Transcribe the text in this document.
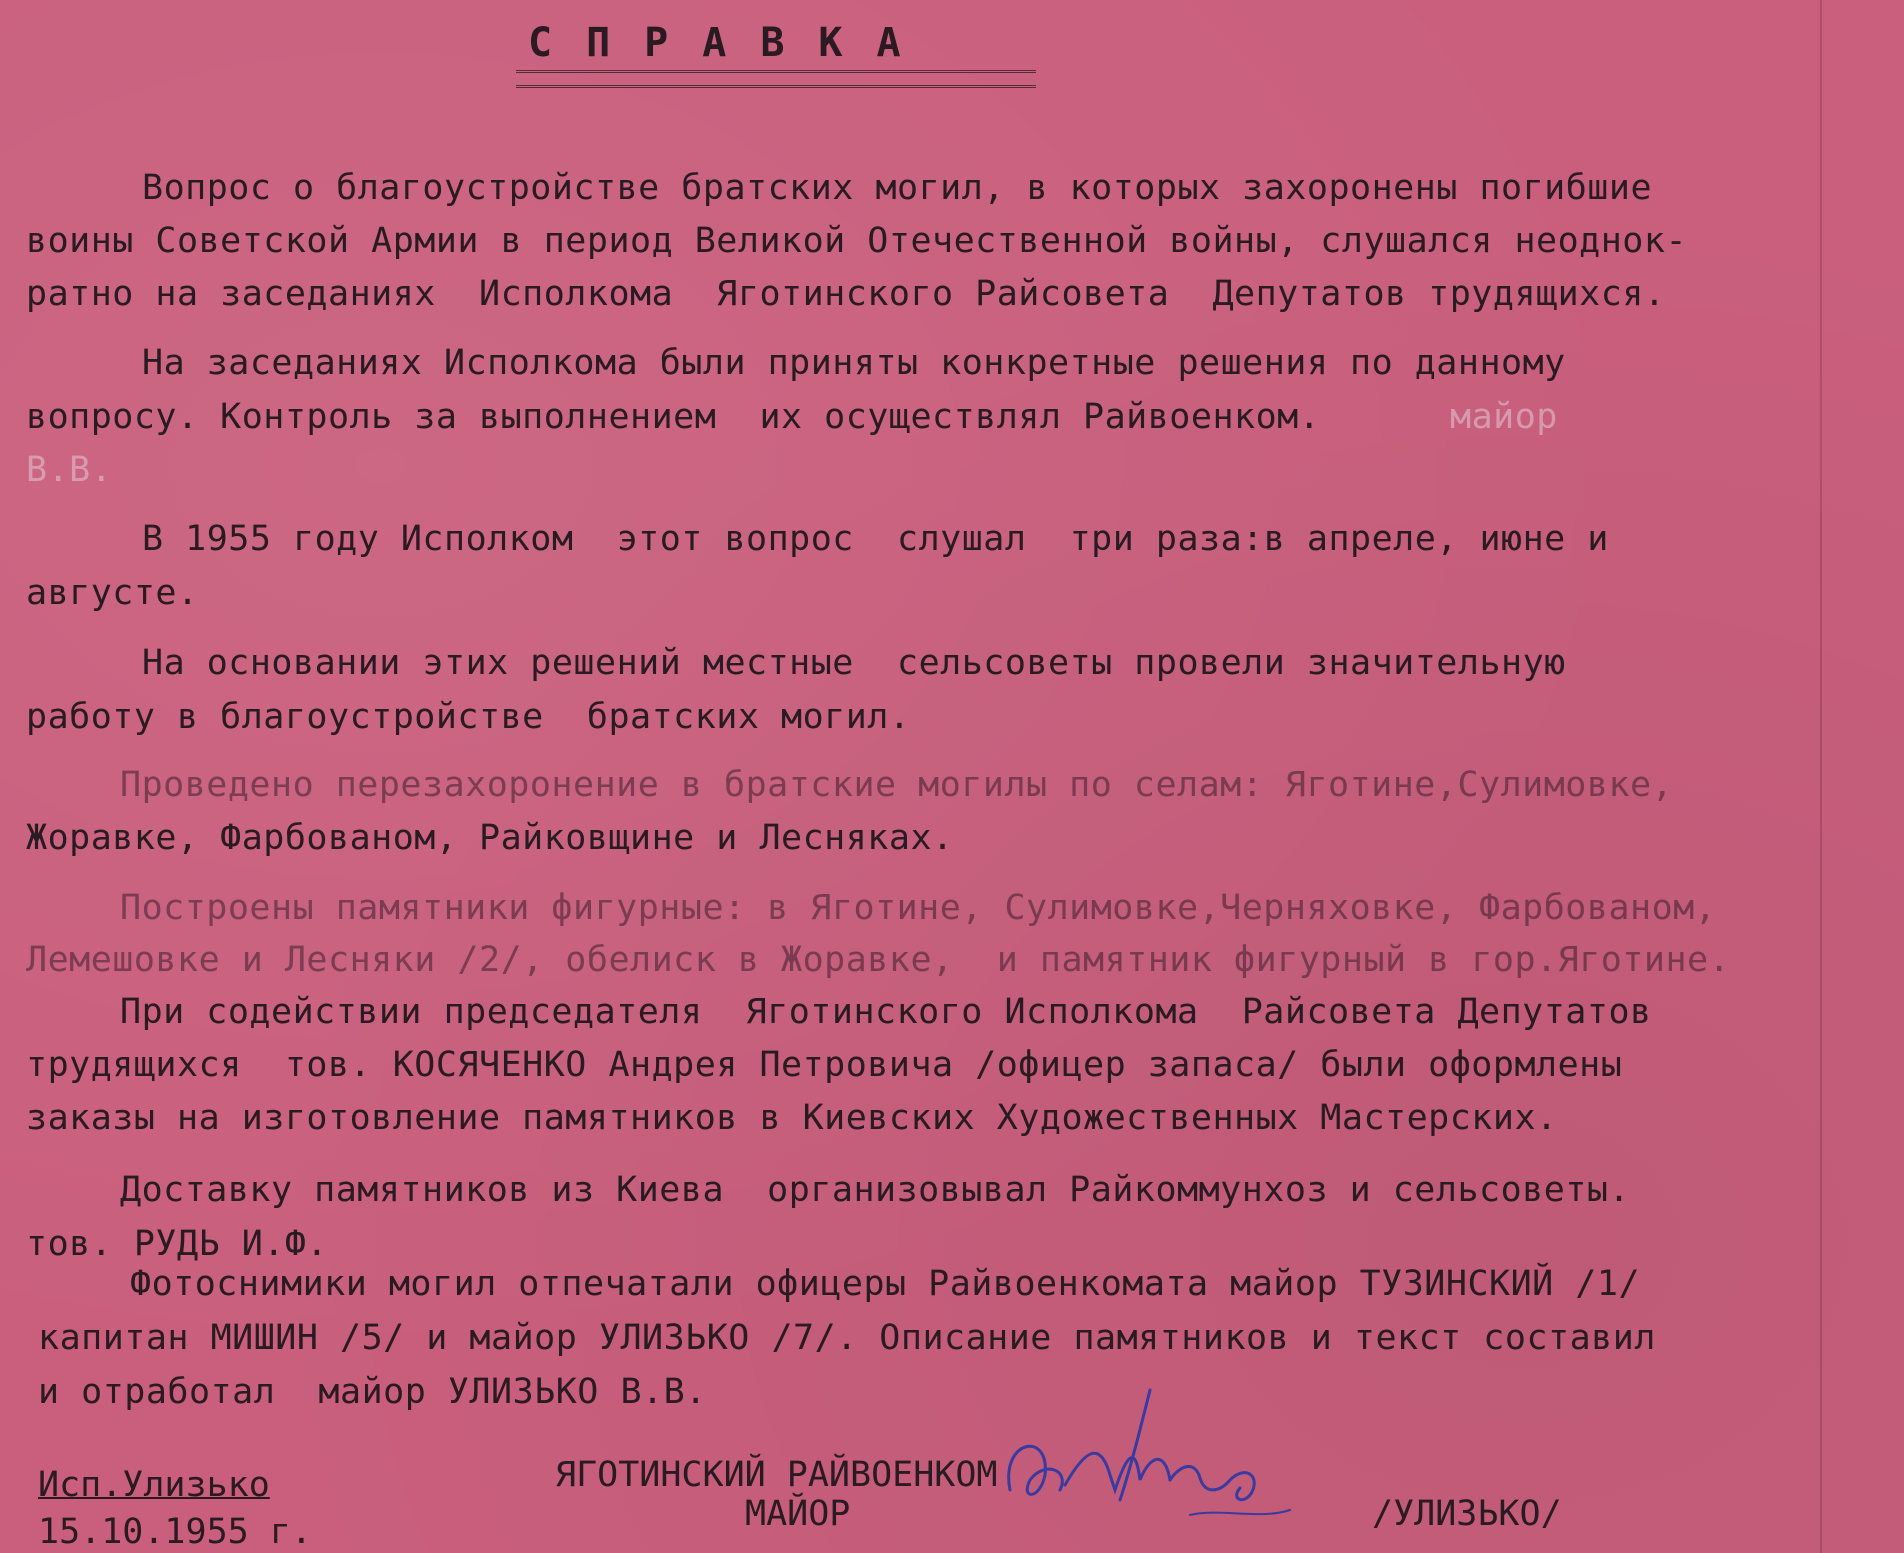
СПРАВКА
Вопрос о благоустройстве братских могил, в которых захоронены погибшие
воины Советской Армии в период Великой Отечественной войны, слушался неоднок-
ратно на заседаниях  Исполкома  Яготинского Райсовета  Депутатов трудящихся.
На заседаниях Исполкома были приняты конкретные решения по данному
вопросу. Контроль за выполнением  их осуществлял Райвоенком.	майор
В.В.
В 1955 году Исполком  этот вопрос  слушал  три раза:в апреле, июне и
августе.
На основании этих решений местные  сельсоветы провели значительную
работу в благоустройстве  братских могил.
Проведено перезахоронение в братские могилы по селам: Яготине,Сулимовке,
Жоравке, Фарбованом, Райковщине и Лесняках.
Построены памятники фигурные: в Яготине, Сулимовке,Черняховке, Фарбованом,
Лемешовке и Лесняки /2/, обелиск в Жоравке,  и памятник фигурный в гор.Яготине.
При содействии председателя  Яготинского Исполкома  Райсовета Депутатов
трудящихся  тов. КОСЯЧЕНКО Андрея Петровича /офицер запаса/ были оформлены
заказы на изготовление памятников в Киевских Художественных Мастерских.
Доставку памятников из Киева  организовывал Райкоммунхоз и сельсоветы.
тов. РУДЬ И.Ф.
Фотоснимики могил отпечатали офицеры Райвоенкомата майор ТУЗИНСКИЙ /1/
капитан МИШИН /5/ и майор УЛИЗЬКО /7/. Описание памятников и текст составил
и отработал  майор УЛИЗЬКО В.В.
Исп.Улизько
15.10.1955 г.
ЯГОТИНСКИЙ РАЙВОЕНКОМ
МАЙОР	/УЛИЗЬКО/
